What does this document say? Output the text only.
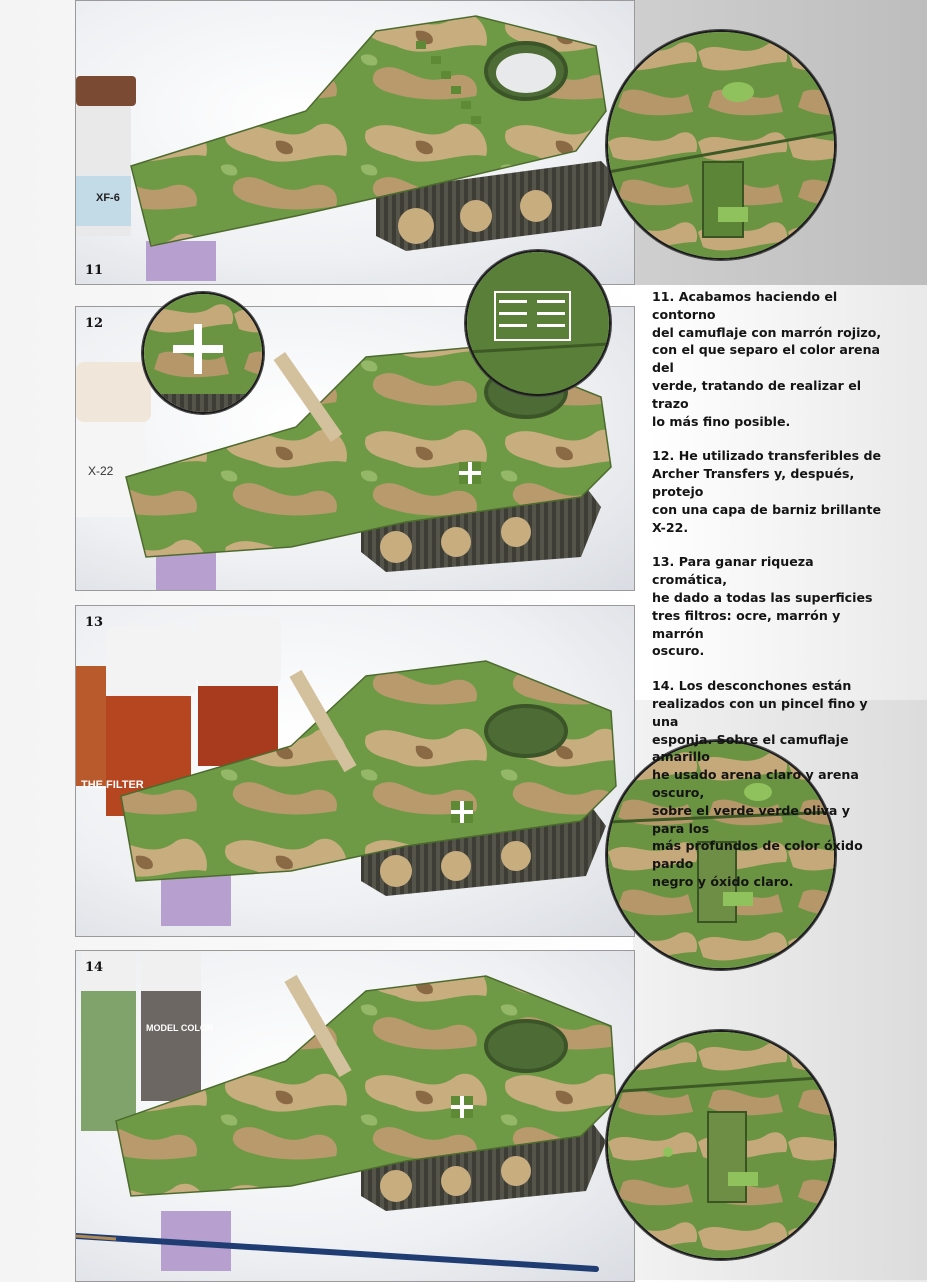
XF-6
11
X-22
12
THE FILTER
13
MODEL COLOR
14

11. Acabamos haciendo el contorno
del camuflaje con marrón rojizo,
con el que separo el color arena del
verde, tratando de realizar el trazo
lo más fino posible.

12. He utilizado transferibles de
Archer Transfers y, después, protejo
con una capa de barniz brillante
X-22.

13. Para ganar riqueza cromática,
he dado a todas las superficies
tres filtros: ocre, marrón y marrón
oscuro.

14. Los desconchones están
realizados con un pincel fino y una
esponja. Sobre el camuflaje amarillo
he usado arena claro y arena oscuro,
sobre el verde verde oliva y para los
más profundos de color óxido pardo
negro y óxido claro.
